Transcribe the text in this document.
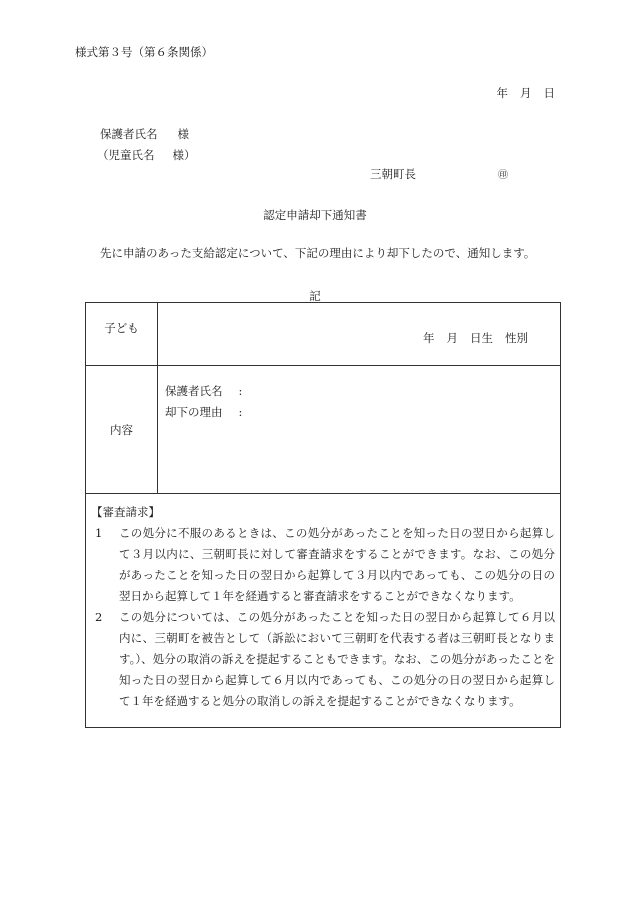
様式第３号（第６条関係）
年 月 日
保護者氏名 様
（児童氏名 様）
三朝町長	㊞
認定申請却下通知書
先に申請のあった支給認定について、下記の理由により却下したので、通知します。
記
子ども	年 月 日生 性別

内容	保護者氏名 :
却下の理由 :

【審査請求】
1 この処分に不服のあるときは、この処分があったことを知った日の翌日から起算して３月以内に、三朝町長に対して審査請求をすることができます。なお、この処分があったことを知った日の翌日から起算して３月以内であっても、この処分の日の翌日から起算して１年を経過すると審査請求をすることができなくなります。
2 この処分については、この処分があったことを知った日の翌日から起算して６月以内に、三朝町を被告として（訴訟において三朝町を代表する者は三朝町長となります。）、処分の取消の訴えを提起することもできます。なお、この処分があったことを知った日の翌日から起算して６月以内であっても、この処分の日の翌日から起算して１年を経過すると処分の取消しの訴えを提起することができなくなります。	
